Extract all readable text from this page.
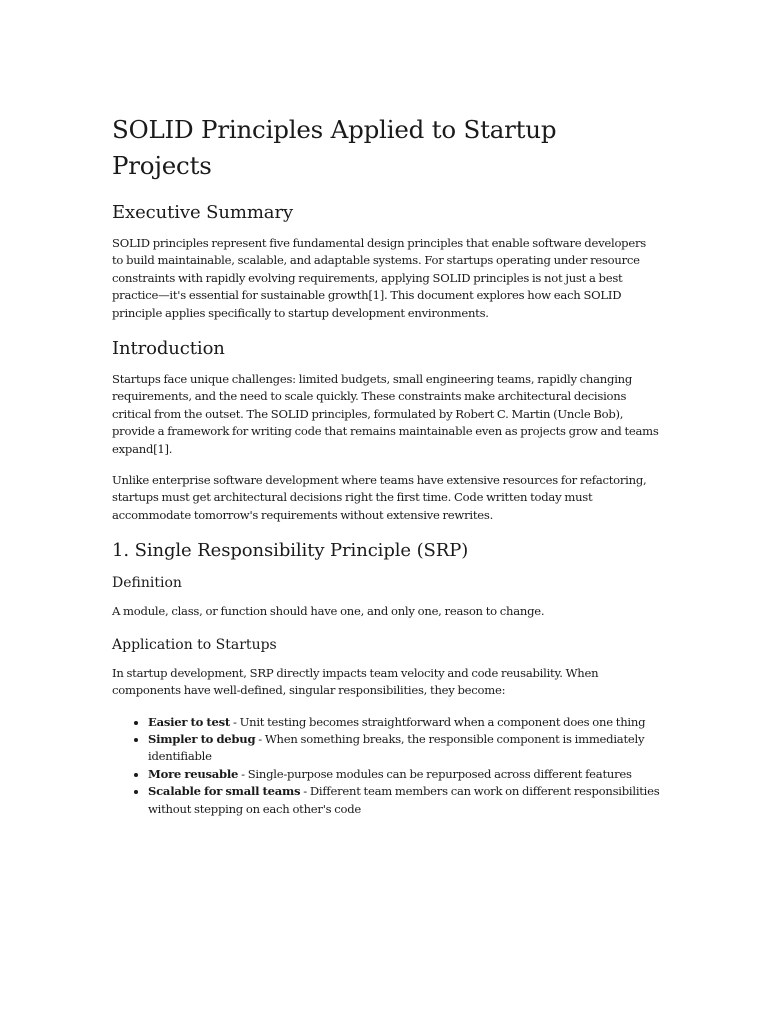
SOLID Principles Applied to Startup Projects
Executive Summary

SOLID principles represent five fundamental design principles that enable software developers to build maintainable, scalable, and adaptable systems. For startups operating under resource constraints with rapidly evolving requirements, applying SOLID principles is not just a best practice—it's essential for sustainable growth[1]. This document explores how each SOLID principle applies specifically to startup development environments.

Introduction

Startups face unique challenges: limited budgets, small engineering teams, rapidly changing requirements, and the need to scale quickly. These constraints make architectural decisions critical from the outset. The SOLID principles, formulated by Robert C. Martin (Uncle Bob), provide a framework for writing code that remains maintainable even as projects grow and teams expand[1].

Unlike enterprise software development where teams have extensive resources for refactoring, startups must get architectural decisions right the first time. Code written today must accommodate tomorrow's requirements without extensive rewrites.

1. Single Responsibility Principle (SRP)
Definition

A module, class, or function should have one, and only one, reason to change.

Application to Startups

In startup development, SRP directly impacts team velocity and code reusability. When components have well-defined, singular responsibilities, they become:

• Easier to test - Unit testing becomes straightforward when a component does one thing
• Simpler to debug - When something breaks, the responsible component is immediately identifiable
• More reusable - Single-purpose modules can be repurposed across different features
• Scalable for small teams - Different team members can work on different responsibilities without stepping on each other's code
